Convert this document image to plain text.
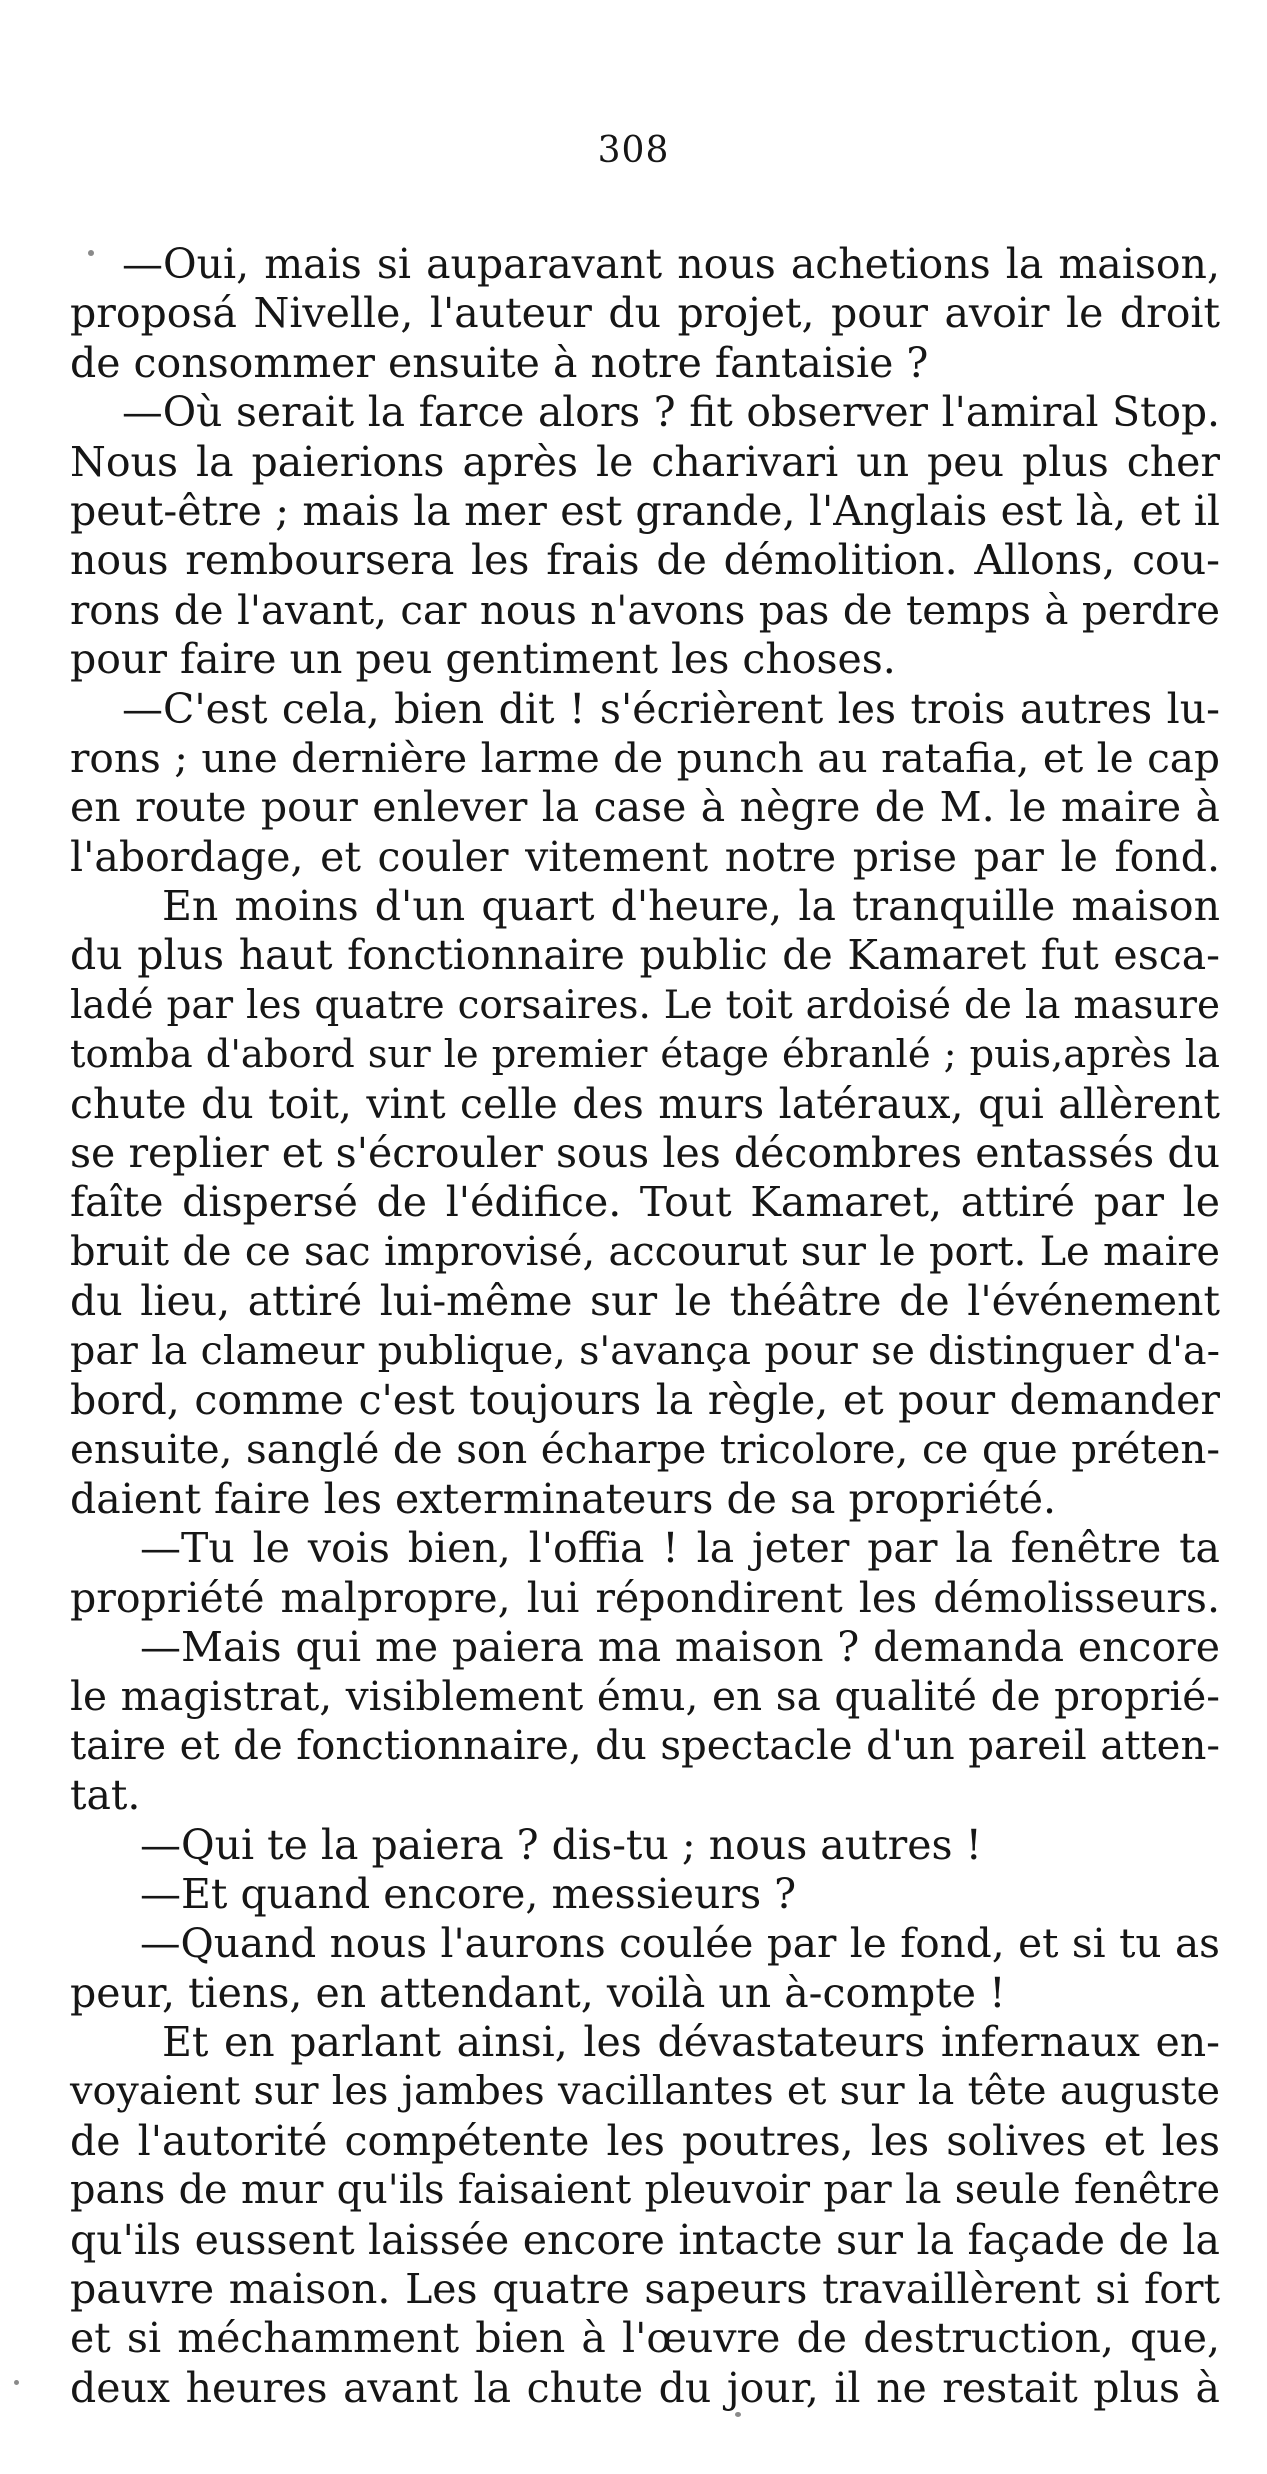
308
—Oui, mais si auparavant nous achetions la maison,
proposá Nivelle, l'auteur du projet, pour avoir le droit
de consommer ensuite à notre fantaisie ?
—Où serait la farce alors ? fit observer l'amiral Stop.
Nous la paierions après le charivari un peu plus cher
peut-être ; mais la mer est grande, l'Anglais est là, et il
nous remboursera les frais de démolition. Allons, cou-
rons de l'avant, car nous n'avons pas de temps à perdre
pour faire un peu gentiment les choses.
—C'est cela, bien dit ! s'écrièrent les trois autres lu-
rons ; une dernière larme de punch au ratafia, et le cap
en route pour enlever la case à nègre de M. le maire à
l'abordage, et couler vitement notre prise par le fond.
En moins d'un quart d'heure, la tranquille maison
du plus haut fonctionnaire public de Kamaret fut esca-
ladé par les quatre corsaires. Le toit ardoisé de la masure
tomba d'abord sur le premier étage ébranlé ; puis,après la
chute du toit, vint celle des murs latéraux, qui allèrent
se replier et s'écrouler sous les décombres entassés du
faîte dispersé de l'édifice. Tout Kamaret, attiré par le
bruit de ce sac improvisé, accourut sur le port. Le maire
du lieu, attiré lui-même sur le théâtre de l'événement
par la clameur publique, s'avança pour se distinguer d'a-
bord, comme c'est toujours la règle, et pour demander
ensuite, sanglé de son écharpe tricolore, ce que préten-
daient faire les exterminateurs de sa propriété.
—Tu le vois bien, l'offia ! la jeter par la fenêtre ta
propriété malpropre, lui répondirent les démolisseurs.
—Mais qui me paiera ma maison ? demanda encore
le magistrat, visiblement ému, en sa qualité de proprié-
taire et de fonctionnaire, du spectacle d'un pareil atten-
tat.
—Qui te la paiera ? dis-tu ; nous autres !
—Et quand encore, messieurs ?
—Quand nous l'aurons coulée par le fond, et si tu as
peur, tiens, en attendant, voilà un à-compte !
Et en parlant ainsi, les dévastateurs infernaux en-
voyaient sur les jambes vacillantes et sur la tête auguste
de l'autorité compétente les poutres, les solives et les
pans de mur qu'ils faisaient pleuvoir par la seule fenêtre
qu'ils eussent laissée encore intacte sur la façade de la
pauvre maison. Les quatre sapeurs travaillèrent si fort
et si méchamment bien à l'œuvre de destruction, que,
deux heures avant la chute du jour, il ne restait plus à
